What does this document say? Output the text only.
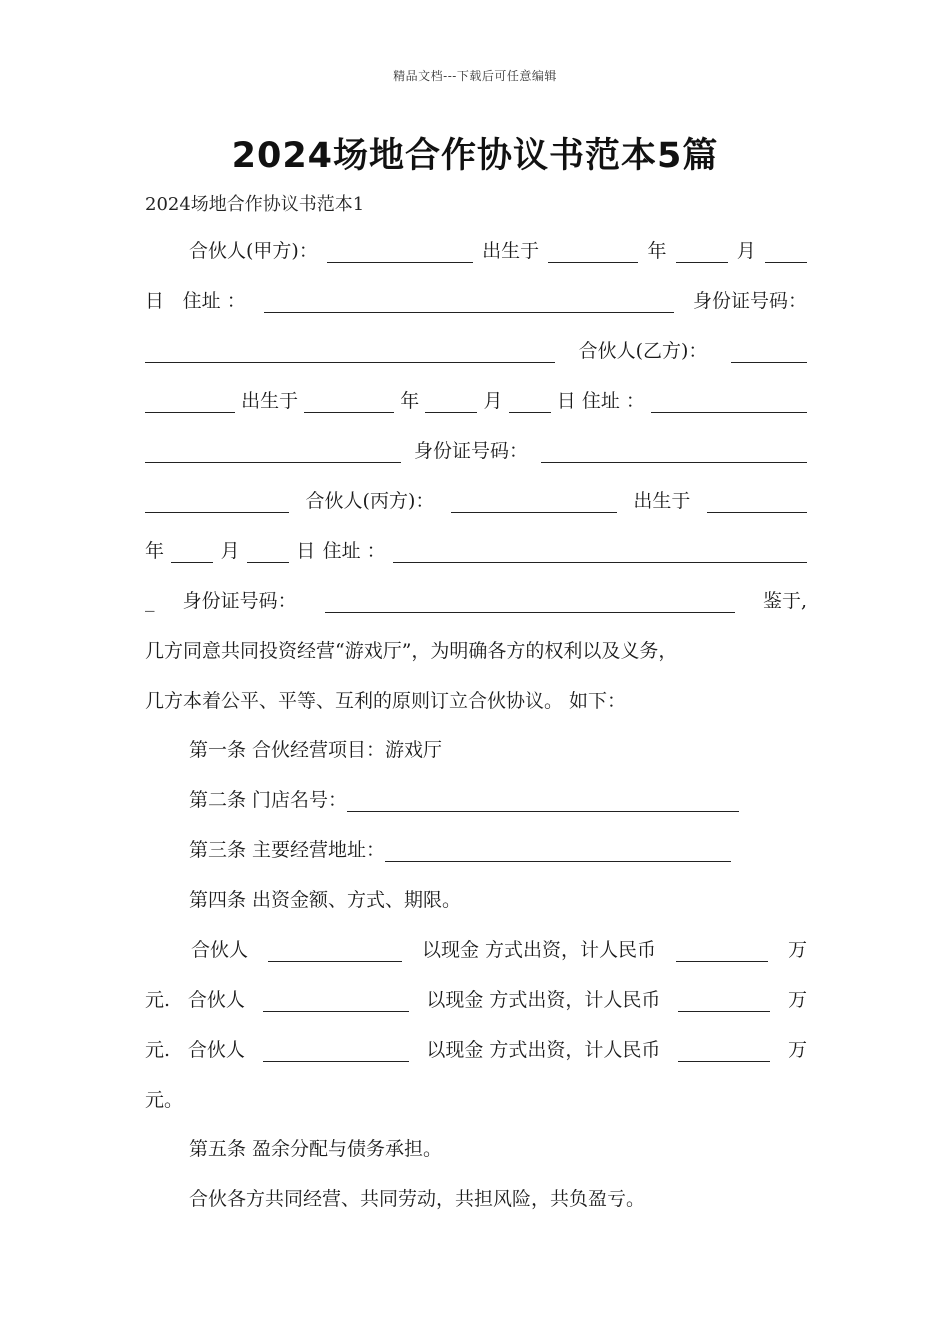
精品文档---下载后可任意编辑
2024场地合作协议书范本5篇
2024场地合作协议书范本1
合伙人(甲方)：	出生于	年	月
日 住址 ：	身份证号码：
合伙人(乙方)：
出生于	年	月	日 住址 ：
身份证号码：
合伙人(丙方)：	出生于
年	月	日 住址 ：
_ 身份证号码：	鉴于,
几方同意共同投资经营“游戏厅”，为明确各方的权利以及义务，
几方本着公平、平等、互利的原则订立合伙协议。 如下：
第一条 合伙经营项目：游戏厅
第二条 门店名号：
第三条 主要经营地址：
第四条 出资金额、方式、期限。
合伙人	以现金 方式出资，计人民币	万
元. 合伙人	以现金 方式出资，计人民币	万
元. 合伙人	以现金 方式出资，计人民币	万
元。
第五条 盈余分配与债务承担。
合伙各方共同经营、共同劳动，共担风险，共负盈亏。
